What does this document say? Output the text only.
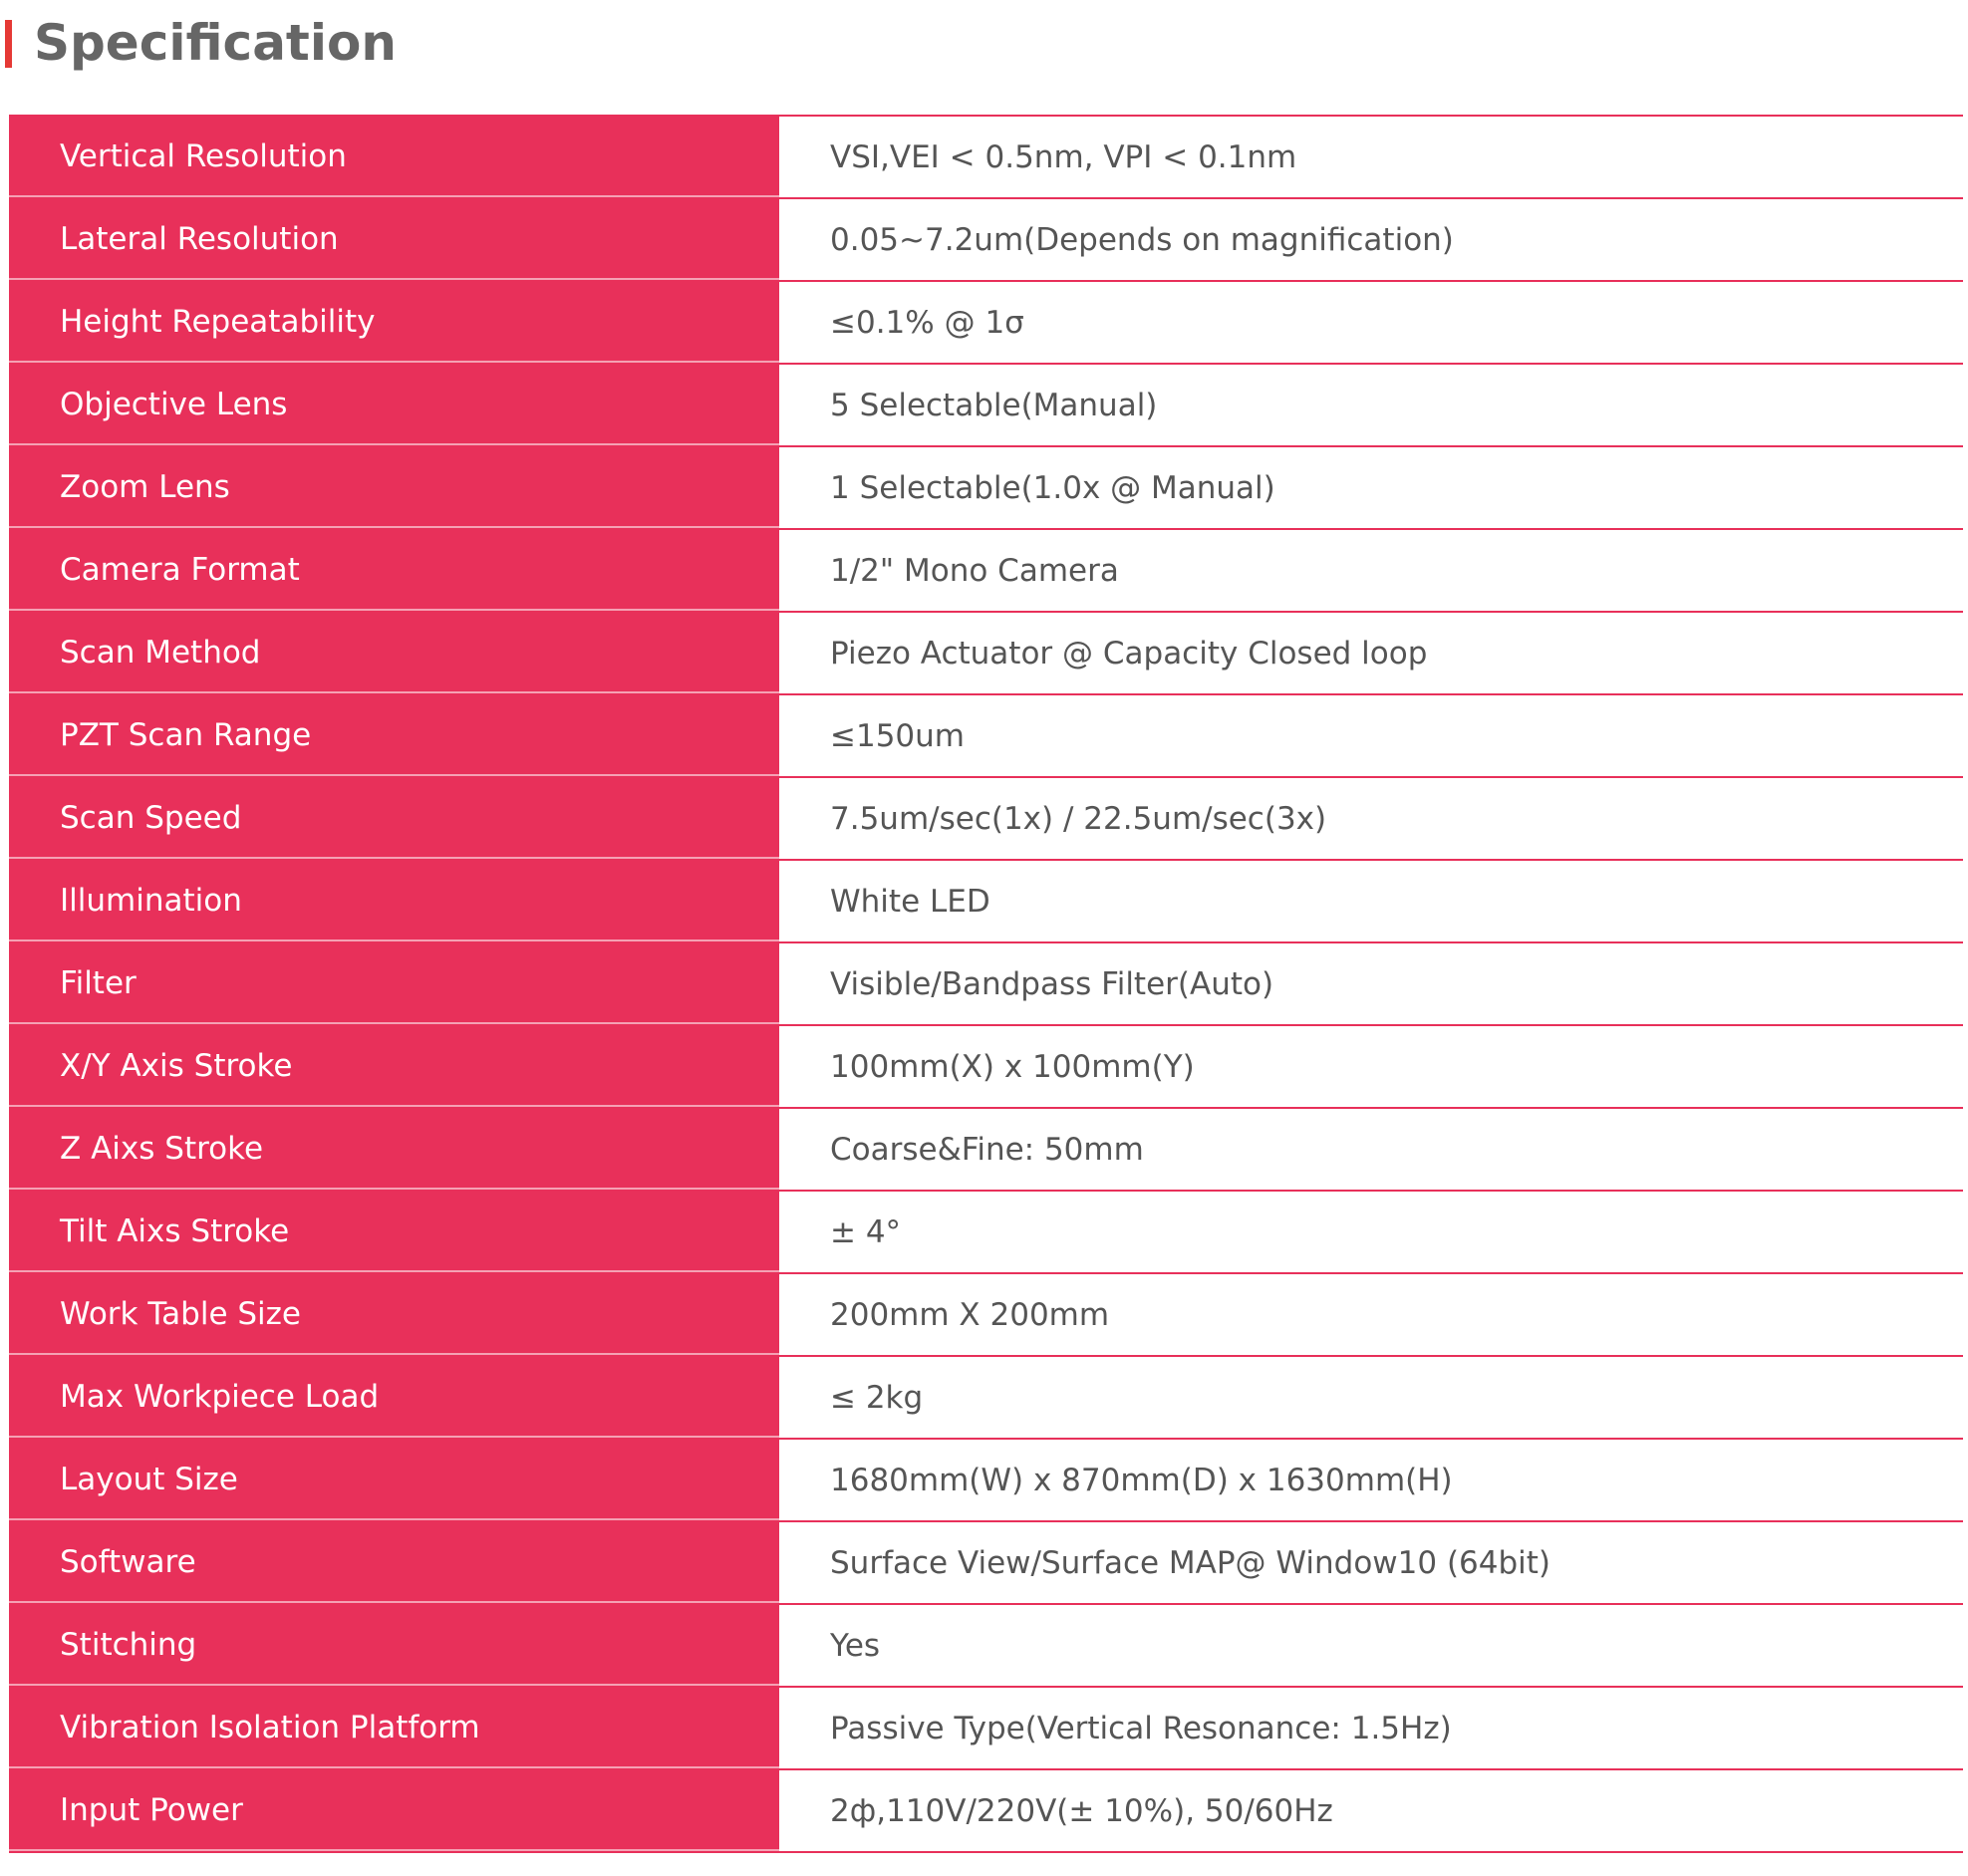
Specification
Vertical Resolution	VSI,VEI < 0.5nm, VPI < 0.1nm
Lateral Resolution	0.05~7.2um(Depends on magnification)
Height Repeatability	≤0.1% @ 1σ
Objective Lens	5 Selectable(Manual)
Zoom Lens	1 Selectable(1.0x @ Manual)
Camera Format	1/2" Mono Camera
Scan Method	Piezo Actuator @ Capacity Closed loop
PZT Scan Range	≤150um
Scan Speed	7.5um/sec(1x) / 22.5um/sec(3x)
Illumination	White LED
Filter	Visible/Bandpass Filter(Auto)
X/Y Axis Stroke	100mm(X) x 100mm(Y)
Z Aixs Stroke	Coarse&Fine: 50mm
Tilt Aixs Stroke	± 4°
Work Table Size	200mm X 200mm
Max Workpiece Load	≤ 2kg
Layout Size	1680mm(W) x 870mm(D) x 1630mm(H)
Software	Surface View/Surface MAP@ Window10 (64bit)
Stitching	Yes
Vibration Isolation Platform	Passive Type(Vertical Resonance: 1.5Hz)
Input Power	2ф,110V/220V(± 10%), 50/60Hz
